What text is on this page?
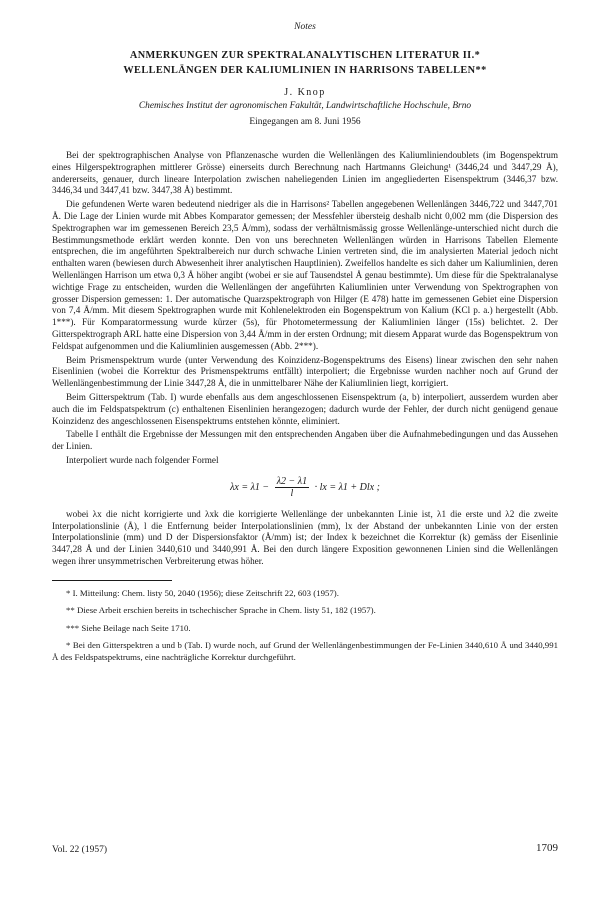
Notes
ANMERKUNGEN ZUR SPEKTRALANALYTISCHEN LITERATUR II.*
WELLENLÄNGEN DER KALIUMLINIEN IN HARRISONS TABELLEN**
J. Knop
Chemisches Institut der agronomischen Fakultät, Landwirtschaftliche Hochschule, Brno
Eingegangen am 8. Juni 1956

Bei der spektrographischen Analyse von Pflanzenasche wurden die Wellenlängen des Kaliumliniendoublets (im Bogenspektrum eines Hilgerspektrographen mittlerer Grösse) einerseits durch Berechnung nach Hartmanns Gleichung¹ (3446,24 und 3447,29 Å), andererseits, genauer, durch lineare Interpolation zwischen naheliegenden Linien im angegliederten Eisenspektrum (3446,37 bzw. 3446,34 und 3447,41 bzw. 3447,38 Å) bestimmt.

Die gefundenen Werte waren bedeutend niedriger als die in Harrisons² Tabellen angegebenen Wellenlängen 3446,722 und 3447,701 Å. Die Lage der Linien wurde mit Abbes Komparator gemessen; der Messfehler übersteig deshalb nicht 0,002 mm (die Dispersion des Spektrographen war im gemessenen Bereich 23,5 Å/mm), sodass der verhältnismässig grosse Wellenlänge-unterschied nicht durch die Bestimmungsmethode erklärt werden konnte. Den von uns berechneten Wellenlängen würden in Harrisons Tabellen Elemente entsprechen, die im angeführten Spektralbereich nur durch schwache Linien vertreten sind, die im analysierten Material jedoch nicht enthalten waren (bewiesen durch Abwesenheit ihrer analytischen Hauptlinien). Zweifellos handelte es sich daher um Kaliumlinien, deren Wellenlängen Harrison um etwa 0,3 Å höher angibt (wobei er sie auf Tausendstel Å genau bestimmte). Um diese für die Spektralanalyse wichtige Frage zu entscheiden, wurden die Wellenlängen der angeführten Kaliumlinien unter Verwendung von Spektrographen von grosser Dispersion gemessen: 1. Der automatische Quarzspektrograph von Hilger (E 478) hatte im gemessenen Gebiet eine Dispersion von 7,4 Å/mm. Mit diesem Spektrographen wurde mit Kohlenelektroden ein Bogenspektrum von Kalium (KCl p. a.) hergestellt (Abb. 1***). Für Komparatormessung wurde kürzer (5s), für Photometermessung der Kaliumlinien länger (15s) belichtet. 2. Der Gitterspektrograph ARL hatte eine Dispersion von 3,44 Å/mm in der ersten Ordnung; mit diesem Apparat wurde das Bogenspektrum von Feldspat aufgenommen und die Kaliumlinien ausgemessen (Abb. 2***).

Beim Prismenspektrum wurde (unter Verwendung des Koinzidenz-Bogenspektrums des Eisens) linear zwischen den sehr nahen Eisenlinien (wobei die Korrektur des Prismenspektrums entfällt) interpoliert; die Ergebnisse wurden nachher noch auf Grund der Wellenlängenbestimmung der Linie 3447,28 Å, die in unmittelbarer Nähe der Kaliumlinien liegt, korrigiert.

Beim Gitterspektrum (Tab. I) wurde ebenfalls aus dem angeschlossenen Eisenspektrum (a, b) interpoliert, ausserdem wurden aber auch die im Feldspatspektrum (c) enthaltenen Eisenlinien herangezogen; dadurch wurde der Fehler, der durch nicht genügend genaue Koinzidenz des angeschlossenen Eisenspektrums entstehen könnte, eliminiert.

Tabelle I enthält die Ergebnisse der Messungen mit den entsprechenden Angaben über die Aufnahmebedingungen und das Aussehen der Linien.

Interpoliert wurde nach folgender Formel

$\lambda x = \lambda 1 - \frac{\lambda 2 - \lambda 1}{l}$ · lx = λ1 + Dlx ;

wobei λx die nicht korrigierte und λxk die korrigierte Wellenlänge der unbekannten Linie ist, λ1 die erste und λ2 die zweite Interpolationslinie (Å), l die Entfernung beider Interpolationslinien (mm), lx der Abstand der unbekannten Linie von der ersten Interpolationslinie (mm) und D der Dispersionsfaktor (Å/mm) ist; der Index k bezeichnet die Korrektur (k) gemäss der Eisenlinie 3447,28 Å und der Linien 3440,610 und 3440,991 Å. Bei den durch längere Exposition gewonnenen Linien sind die Wellenlängen wegen ihrer unsymmetrischen Verbreiterung etwas höher.

* I. Mitteilung: Chem. listy 50, 2040 (1956); diese Zeitschrift 22, 603 (1957).

** Diese Arbeit erschien bereits in tschechischer Sprache in Chem. listy 51, 182 (1957).

*** Siehe Beilage nach Seite 1710.

* Bei den Gitterspektren a und b (Tab. I) wurde noch, auf Grund der Wellenlängenbestimmungen der Fe-Linien 3440,610 Å und 3440,991 Å des Feldspatspektrums, eine nachträgliche Korrektur durchgeführt.

Vol. 22 (1957)	1709
